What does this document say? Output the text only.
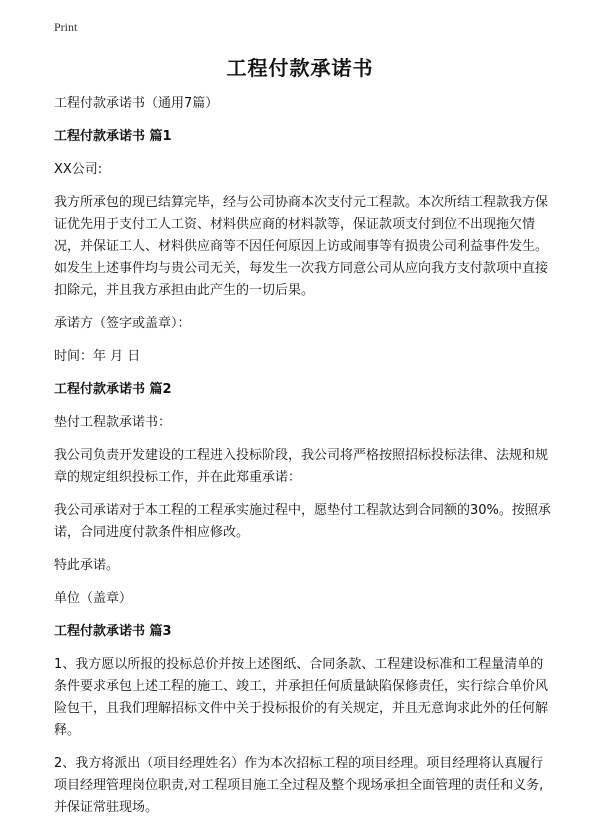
Print
工程付款承诺书

工程付款承诺书（通用7篇）

工程付款承诺书 篇1

XX公司:

我方所承包的现已结算完毕，经与公司协商本次支付元工程款。本次所结工程款我方保证优先用于支付工人工资、材料供应商的材料款等，保证款项支付到位不出现拖欠情况，并保证工人、材料供应商等不因任何原因上访或闹事等有损贵公司利益事件发生。如发生上述事件均与贵公司无关，每发生一次我方同意公司从应向我方支付款项中直接扣除元，并且我方承担由此产生的一切后果。

承诺方（签字或盖章）：

时间：年 月 日

工程付款承诺书 篇2

垫付工程款承诺书：

我公司负责开发建设的工程进入投标阶段，我公司将严格按照招标投标法律、法规和规章的规定组织投标工作，并在此郑重承诺：

我公司承诺对于本工程的工程承实施过程中，愿垫付工程款达到合同额的30%。按照承诺，合同进度付款条件相应修改。

特此承诺。

单位（盖章）

工程付款承诺书 篇3

1、我方愿以所报的投标总价并按上述图纸、合同条款、工程建设标准和工程量清单的条件要求承包上述工程的施工、竣工，并承担任何质量缺陷保修责任，实行综合单价风险包干，且我们理解招标文件中关于投标报价的有关规定，并且无意询求此外的任何解释。

2、我方将派出（项目经理姓名）作为本次招标工程的项目经理。项目经理将认真履行项目经理管理岗位职责,对工程项目施工全过程及整个现场承担全面管理的责任和义务,并保证常驻现场。
